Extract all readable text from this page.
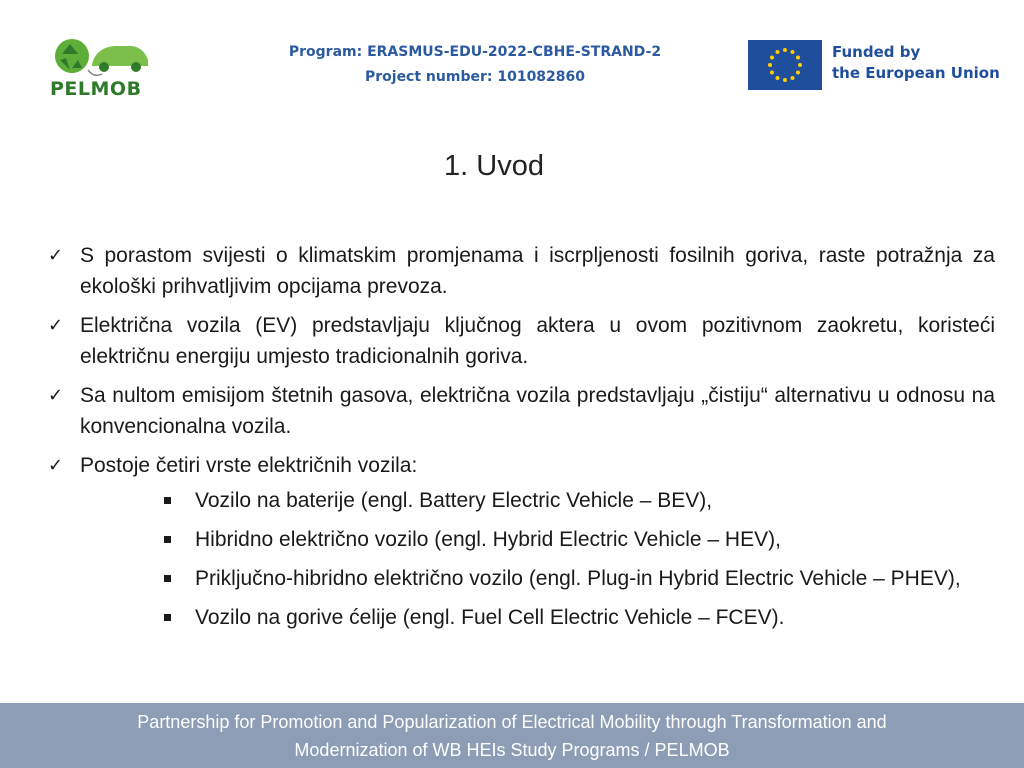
PELMOB
Program: ERASMUS-EDU-2022-CBHE-STRAND-2
Project number: 101082860
Funded by
the European Union
1. Uvod
✓ S porastom svijesti o klimatskim promjenama i iscrpljenosti fosilnih goriva, raste potražnja za ekološki prihvatljivim opcijama prevoza.
✓ Električna vozila (EV) predstavljaju ključnog aktera u ovom pozitivnom zaokretu, koristeći električnu energiju umjesto tradicionalnih goriva.
✓ Sa nultom emisijom štetnih gasova, električna vozila predstavljaju „čistiju“ alternativu u odnosu na konvencionalna vozila.
✓ Postoje četiri vrste električnih vozila:
Vozilo na baterije (engl. Battery Electric Vehicle – BEV),
Hibridno električno vozilo (engl. Hybrid Electric Vehicle – HEV),
Priključno-hibridno električno vozilo (engl. Plug-in Hybrid Electric Vehicle – PHEV),
Vozilo na gorive ćelije (engl. Fuel Cell Electric Vehicle – FCEV).
Partnership for Promotion and Popularization of Electrical Mobility through Transformation and
Modernization of WB HEIs Study Programs / PELMOB
